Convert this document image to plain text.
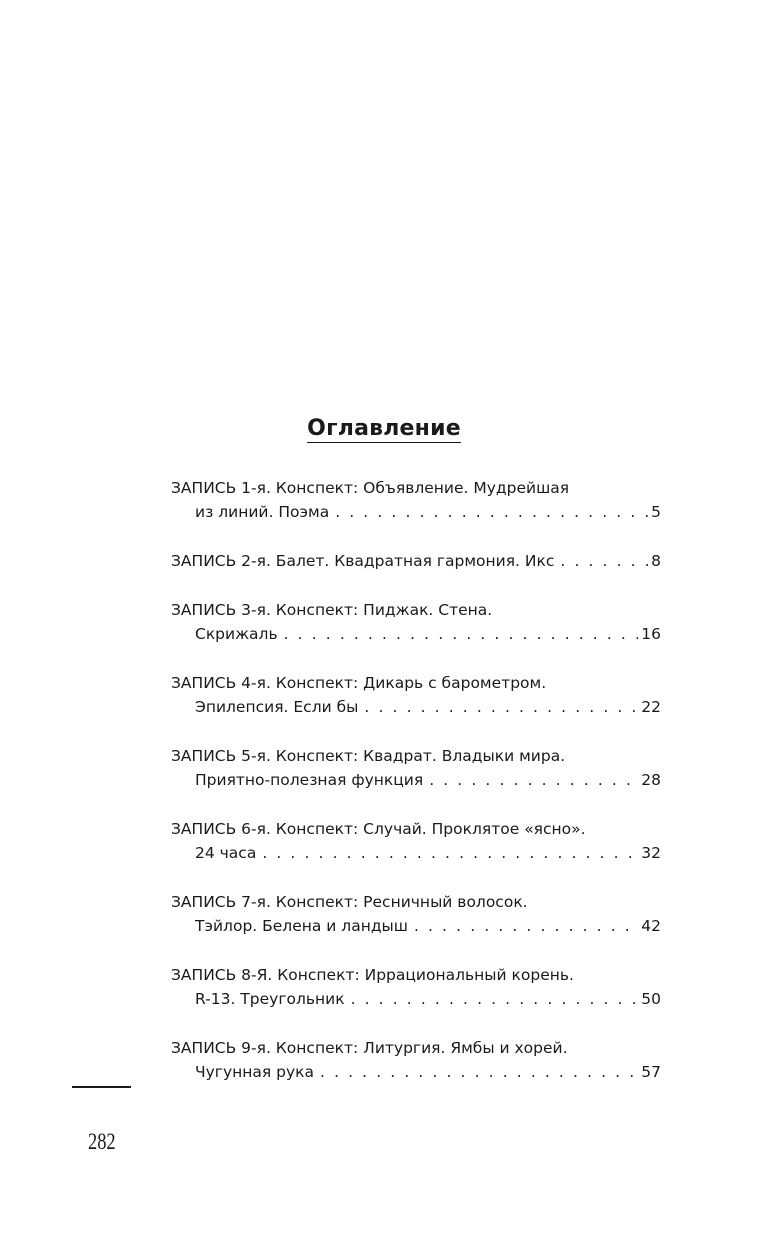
Оглавление
ЗАПИСЬ 1-я. Конспект: Объявление. Мудрейшая
из линий. Поэма . . .	5
ЗАПИСЬ 2-я. Балет. Квадратная гармония. Икс . . .	8
ЗАПИСЬ 3-я. Конспект: Пиджак. Стена.
Скрижаль . . .	16
ЗАПИСЬ 4-я. Конспект: Дикарь с барометром.
Эпилепсия. Если бы . . .	22
ЗАПИСЬ 5-я. Конспект: Квадрат. Владыки мира.
Приятно-полезная функция . . .	28
ЗАПИСЬ 6-я. Конспект: Случай. Проклятое «ясно».
24 часа . . .	32
ЗАПИСЬ 7-я. Конспект: Ресничный волосок.
Тэйлор. Белена и ландыш . . .	42
ЗАПИСЬ 8-Я. Конспект: Иррациональный корень.
R-13. Треугольник . . .	50
ЗАПИСЬ 9-я. Конспект: Литургия. Ямбы и хорей.
Чугунная рука . . .	57
282
